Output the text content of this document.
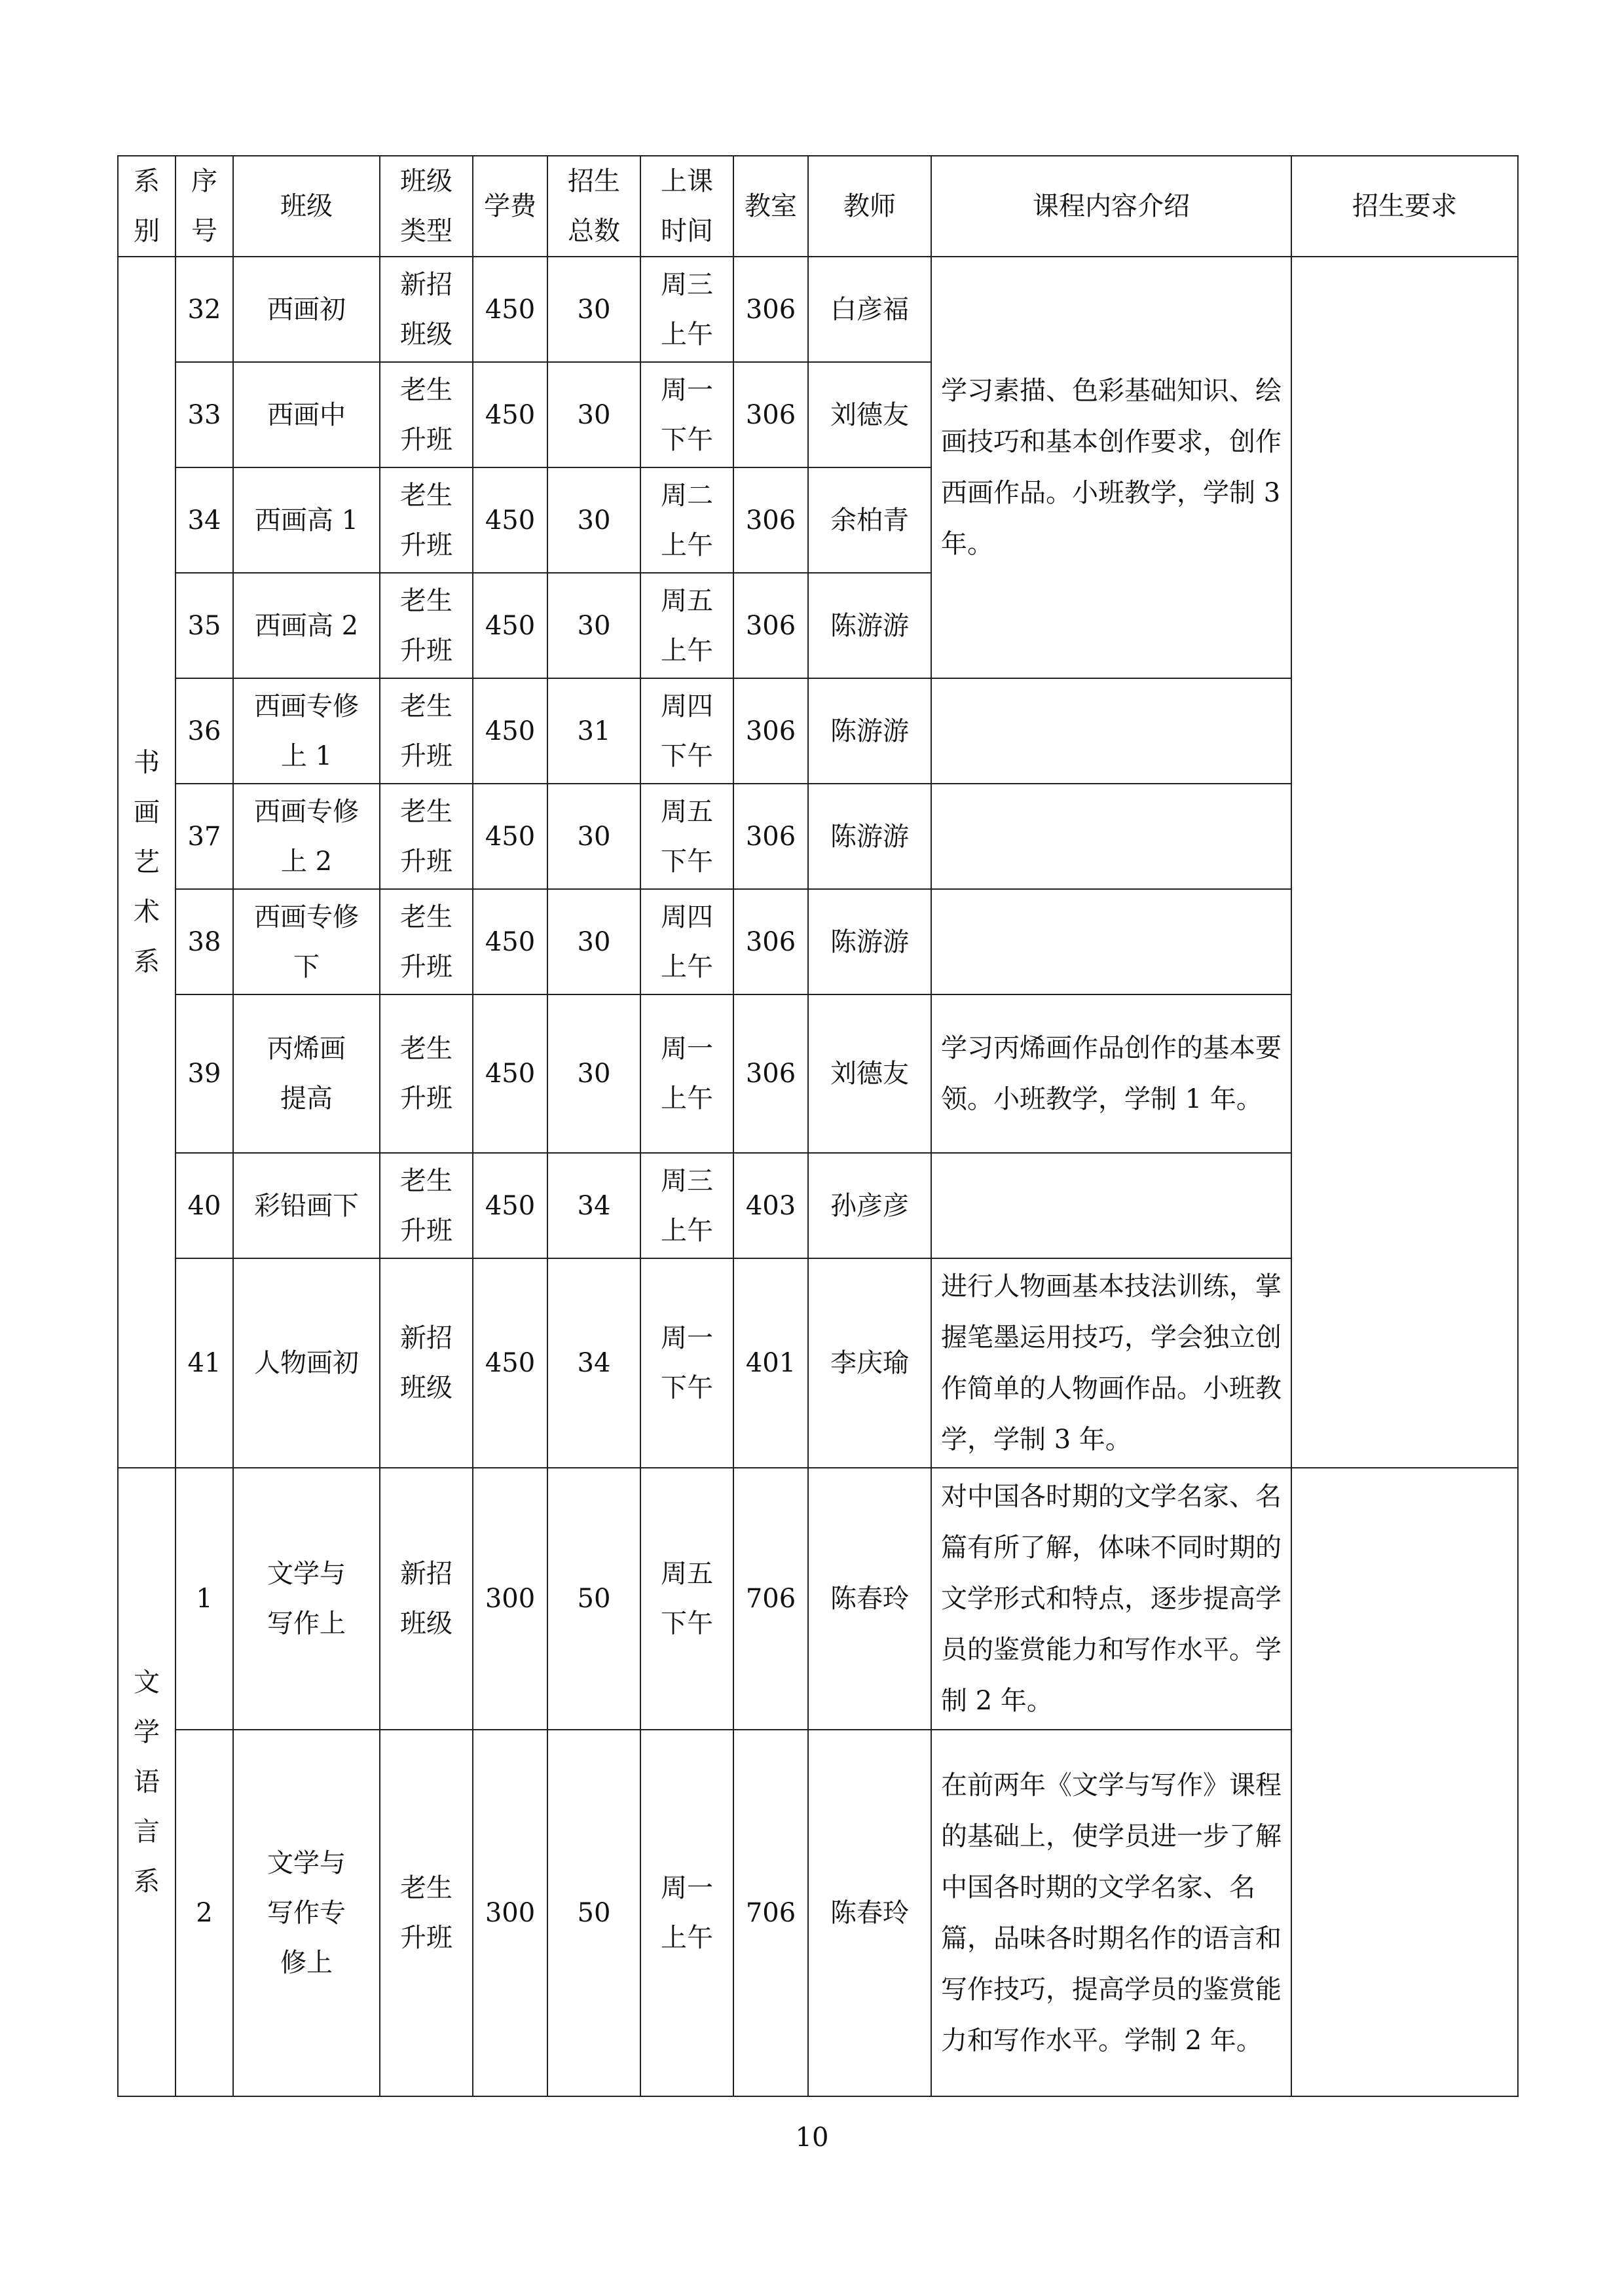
系别	序号	班级	班级类型	学费	招生总数	上课时间	教室	教师	课程内容介绍	招生要求
书画艺术系	32	西画初	新招班级	450	30	周三上午	306	白彦福	学习素描、色彩基础知识、绘画技巧和基本创作要求，创作西画作品。小班教学，学制 3 年。	
	33	西画中	老生升班	450	30	周一下午	306	刘德友		
	34	西画高 1	老生升班	450	30	周二上午	306	余柏青		
	35	西画高 2	老生升班	450	30	周五上午	306	陈游游		
	36	西画专修上 1	老生升班	450	31	周四下午	306	陈游游		
	37	西画专修上 2	老生升班	450	30	周五下午	306	陈游游		
	38	西画专修下	老生升班	450	30	周四上午	306	陈游游		
	39	丙烯画提高	老生升班	450	30	周一上午	306	刘德友	学习丙烯画作品创作的基本要领。小班教学，学制 1 年。	
	40	彩铅画下	老生升班	450	34	周三上午	403	孙彦彦		
	41	人物画初	新招班级	450	34	周一下午	401	李庆瑜	进行人物画基本技法训练，掌握笔墨运用技巧，学会独立创作简单的人物画作品。小班教学，学制 3 年。	
文学语言系	1	文学与写作上	新招班级	300	50	周五下午	706	陈春玲	对中国各时期的文学名家、名篇有所了解，体味不同时期的文学形式和特点，逐步提高学员的鉴赏能力和写作水平。学制 2 年。	
	2	文学与写作专修上	老生升班	300	50	周一上午	706	陈春玲	在前两年《文学与写作》课程的基础上，使学员进一步了解中国各时期的文学名家、名篇，品味各时期名作的语言和写作技巧，提高学员的鉴赏能力和写作水平。学制 2 年。	
10
